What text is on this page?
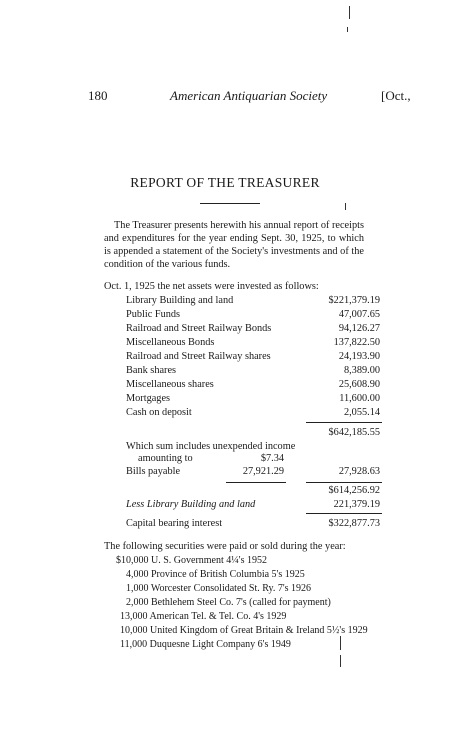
180	American Antiquarian Society	[Oct.,
REPORT OF THE TREASURER
The Treasurer presents herewith his annual report of receipts and expenditures for the year ending Sept. 30, 1925, to which is appended a statement of the Society's investments and of the condition of the various funds.
Oct. 1, 1925 the net assets were invested as follows:
Library Building and land	$221,379.19
Public Funds	47,007.65
Railroad and Street Railway Bonds	94,126.27
Miscellaneous Bonds	137,822.50
Railroad and Street Railway shares	24,193.90
Bank shares	8,389.00
Miscellaneous shares	25,608.90
Mortgages	11,600.00
Cash on deposit	2,055.14
$642,185.55
Which sum includes unexpended income
amounting to	$7.34
Bills payable	27,921.29	27,928.63
$614,256.92
Less Library Building and land	221,379.19
Capital bearing interest	$322,877.73
The following securities were paid or sold during the year:
$10,000 U. S. Government 4¼'s 1952
4,000 Province of British Columbia 5's 1925
1,000 Worcester Consolidated St. Ry. 7's 1926
2,000 Bethlehem Steel Co. 7's (called for payment)
13,000 American Tel. & Tel. Co. 4's 1929
10,000 United Kingdom of Great Britain & Ireland 5½'s 1929
11,000 Duquesne Light Company 6's 1949
